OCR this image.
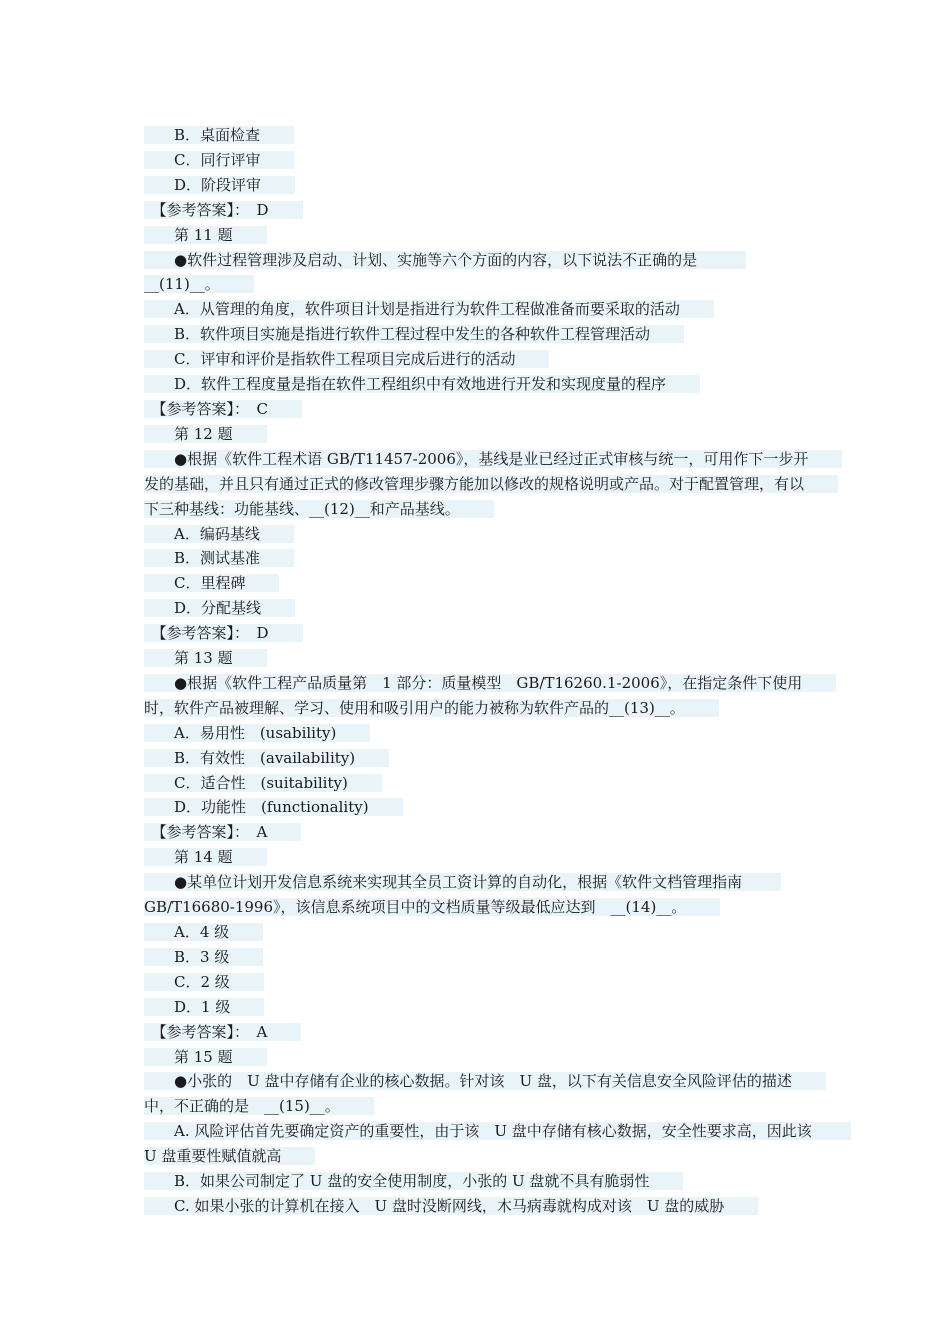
　　B．桌面检查
　　C．同行评审
　　D．阶段评审
　【参考答案】：　D
　　第 11 题
　　●软件过程管理涉及启动、计划、实施等六个方面的内容，以下说法不正确的是　__(11)__。
　　A．从管理的角度，软件项目计划是指进行为软件工程做准备而要采取的活动
　　B．软件项目实施是指进行软件工程过程中发生的各种软件工程管理活动
　　C．评审和评价是指软件工程项目完成后进行的活动
　　D．软件工程度量是指在软件工程组织中有效地进行开发和实现度量的程序
　【参考答案】：　C
　　第 12 题
　　●根据《软件工程术语 GB/T11457-2006》，基线是业已经过正式审核与统一，可用作下一步开发的基础，并且只有通过正式的修改管理步骤方能加以修改的规格说明或产品。对于配置管理，有以下三种基线：功能基线、__(12)__和产品基线。
　　A．编码基线
　　B．测试基准
　　C．里程碑
　　D．分配基线
　【参考答案】：　D
　　第 13 题
　　●根据《软件工程产品质量第　1 部分：质量模型　GB/T16260.1-2006》，在指定条件下使用时，软件产品被理解、学习、使用和吸引用户的能力被称为软件产品的__(13)__。
　　A．易用性　(usability)
　　B．有效性　(availability)
　　C．适合性　(suitability)
　　D．功能性　(functionality)
　【参考答案】：　A
　　第 14 题
　　●某单位计划开发信息系统来实现其全员工资计算的自动化，根据《软件文档管理指南 GB/T16680-1996》，该信息系统项目中的文档质量等级最低应达到　__(14)__。
　　A．4 级
　　B．3 级
　　C．2 级
　　D．1 级
　【参考答案】：　A
　　第 15 题
　　●小张的　U 盘中存储有企业的核心数据。针对该　U 盘，以下有关信息安全风险评估的描述中，不正确的是　__(15)__。
　　A. 风险评估首先要确定资产的重要性，由于该　U 盘中存储有核心数据，安全性要求高，因此该 U 盘重要性赋值就高
　　B．如果公司制定了 U 盘的安全使用制度，小张的 U 盘就不具有脆弱性
　　C. 如果小张的计算机在接入　U 盘时没断网线，木马病毒就构成对该　U 盘的威胁
